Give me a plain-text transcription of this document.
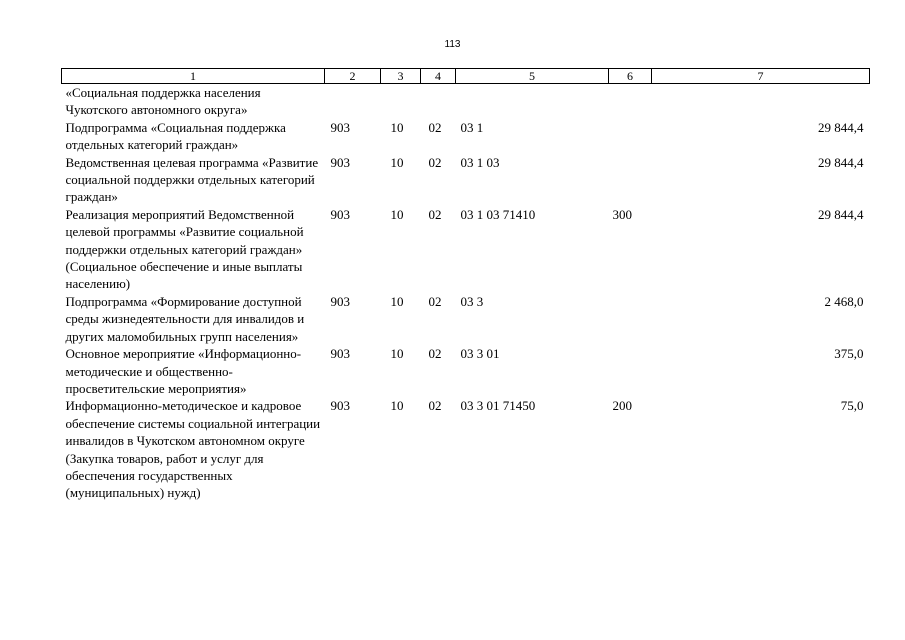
113
1	2	3	4	5	6	7
«Социальная поддержка населения Чукотского автономного округа»						
Подпрограмма «Социальная поддержка отдельных категорий граждан»	903	10	02	03 1		29 844,4
Ведомственная целевая программа «Развитие социальной поддержки отдельных категорий граждан»	903	10	02	03 1 03		29 844,4
Реализация мероприятий Ведомственной целевой программы «Развитие социальной поддержки отдельных категорий граждан» (Социальное обеспечение и иные выплаты населению)	903	10	02	03 1 03 71410	300	29 844,4
Подпрограмма «Формирование доступной среды жизнедеятельности для инвалидов и других маломобильных групп населения»	903	10	02	03 3		2 468,0
Основное мероприятие «Информационно-методические и общественно-просветительские мероприятия»	903	10	02	03 3 01		375,0
Информационно-методическое и кадровое обеспечение системы социальной интеграции инвалидов в Чукотском автономном округе (Закупка товаров, работ и услуг для обеспечения государственных (муниципальных) нужд)	903	10	02	03 3 01 71450	200	75,0
